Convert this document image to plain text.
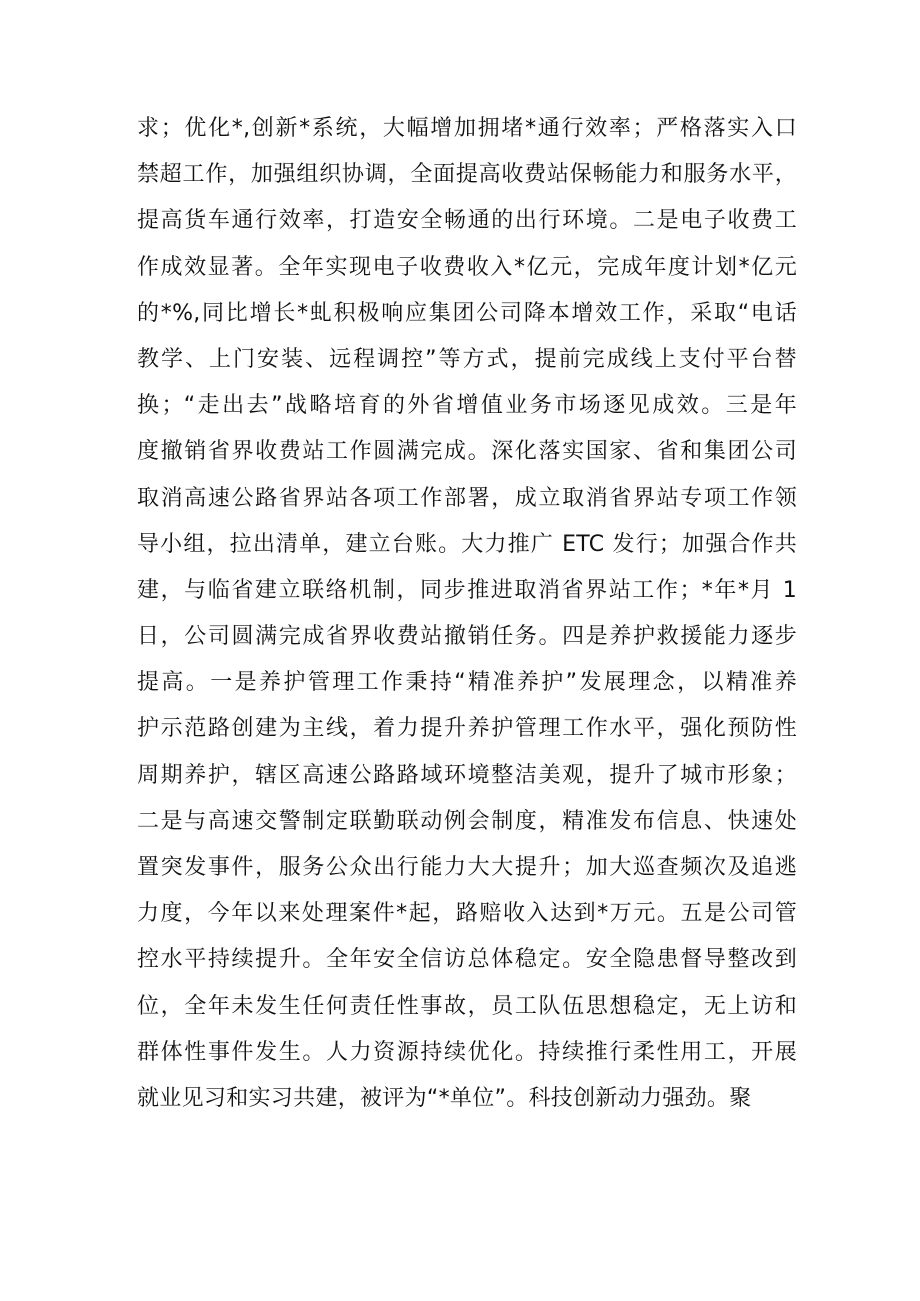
求；优化*,创新*系统，大幅增加拥堵*通行效率；严格落实入口
禁超工作，加强组织协调，全面提高收费站保畅能力和服务水平，
提高货车通行效率，打造安全畅通的出行环境。二是电子收费工
作成效显著。全年实现电子收费收入*亿元，完成年度计划*亿元
的*%,同比增长*虬积极响应集团公司降本增效工作，采取“电话
教学、上门安装、远程调控”等方式，提前完成线上支付平台替
换；“走出去”战略培育的外省增值业务市场逐见成效。三是年
度撤销省界收费站工作圆满完成。深化落实国家、省和集团公司
取消高速公路省界站各项工作部署，成立取消省界站专项工作领
导小组，拉出清单，建立台账。大力推广 ETC 发行；加强合作共
建，与临省建立联络机制，同步推进取消省界站工作；*年*月 1
日，公司圆满完成省界收费站撤销任务。四是养护救援能力逐步
提高。一是养护管理工作秉持“精准养护”发展理念，以精准养
护示范路创建为主线，着力提升养护管理工作水平，强化预防性
周期养护，辖区高速公路路域环境整洁美观，提升了城市形象；
二是与高速交警制定联勤联动例会制度，精准发布信息、快速处
置突发事件，服务公众出行能力大大提升；加大巡查频次及追逃
力度，今年以来处理案件*起，路赔收入达到*万元。五是公司管
控水平持续提升。全年安全信访总体稳定。安全隐患督导整改到
位，全年未发生任何责任性事故，员工队伍思想稳定，无上访和
群体性事件发生。人力资源持续优化。持续推行柔性用工，开展
就业见习和实习共建，被评为“*单位”。科技创新动力强劲。聚
